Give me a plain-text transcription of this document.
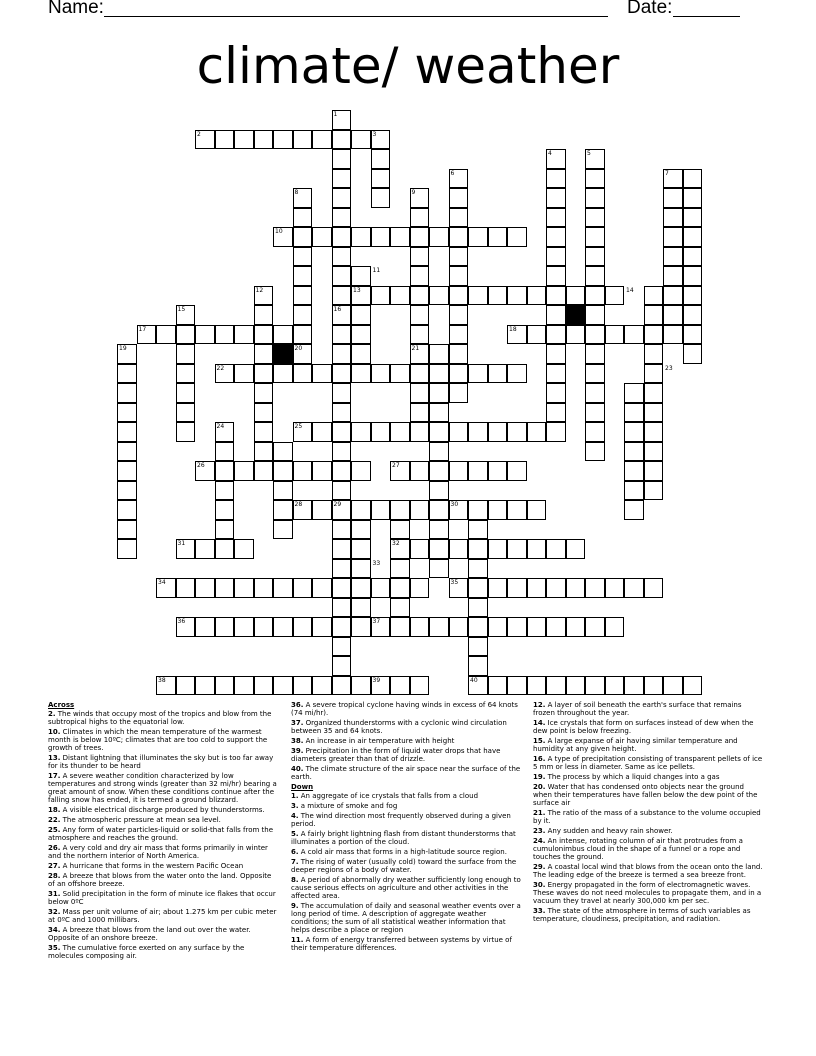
Name:	Date:
climate/ weather
1
2	3
4	5
6	7
8	9
10
11
12	13	14
15	16
17	18
19	20	21
22	23
24	25
26	27
28	29	30
31	32
33
34	35
36	37
38	39	40
Across
2. The winds that occupy most of the tropics and blow from the subtropical highs to the equatorial low.
10. Climates in which the mean temperature of the warmest month is below 10ºC; climates that are too cold to support the growth of trees.
13. Distant lightning that illuminates the sky but is too far away for its thunder to be heard
17. A severe weather condition characterized by low temperatures and strong winds (greater than 32 mi/hr) bearing a great amount of snow. When these conditions continue after the falling snow has ended, it is termed a ground blizzard.
18. A visible electrical discharge produced by thunderstorms.
22. The atmospheric pressure at mean sea level.
25. Any form of water particles-liquid or solid-that falls from the atmosphere and reaches the ground.
26. A very cold and dry air mass that forms primarily in winter and the northern interior of North America.
27. A hurricane that forms in the western Pacific Ocean
28. A breeze that blows from the water onto the land. Opposite of an offshore breeze.
31. Solid precipitation in the form of minute ice flakes that occur below 0ºC
32. Mass per unit volume of air; about 1.275 km per cubic meter at 0ºC and 1000 millibars.
34. A breeze that blows from the land out over the water. Opposite of an onshore breeze.
35. The cumulative force exerted on any surface by the molecules composing air.
36. A severe tropical cyclone having winds in excess of 64 knots (74 mi/hr).
37. Organized thunderstorms with a cyclonic wind circulation between 35 and 64 knots.
38. An increase in air temperature with height
39. Precipitation in the form of liquid water drops that have diameters greater than that of drizzle.
40. The climate structure of the air space near the surface of the earth.
Down
1. An aggregate of ice crystals that falls from a cloud
3. a mixture of smoke and fog
4. The wind direction most frequently observed during a given period.
5. A fairly bright lightning flash from distant thunderstorms that illuminates a portion of the cloud.
6. A cold air mass that forms in a high-latitude source region.
7. The rising of water (usually cold) toward the surface from the deeper regions of a body of water.
8. A period of abnormally dry weather sufficiently long enough to cause serious effects on agriculture and other activities in the affected area.
9. The accumulation of daily and seasonal weather events over a long period of time. A description of aggregate weather conditions; the sum of all statistical weather information that helps describe a place or region
11. A form of energy transferred between systems by virtue of their temperature differences.
12. A layer of soil beneath the earth's surface that remains frozen throughout the year.
14. Ice crystals that form on surfaces instead of dew when the dew point is below freezing.
15. A large expanse of air having similar temperature and humidity at any given height.
16. A type of precipitation consisting of transparent pellets of ice 5 mm or less in diameter. Same as ice pellets.
19. The process by which a liquid changes into a gas
20. Water that has condensed onto objects near the ground when their temperatures have fallen below the dew point of the surface air
21. The ratio of the mass of a substance to the volume occupied by it.
23. Any sudden and heavy rain shower.
24. An intense, rotating column of air that protrudes from a cumulonimbus cloud in the shape of a funnel or a rope and touches the ground.
29. A coastal local wind that blows from the ocean onto the land. The leading edge of the breeze is termed a sea breeze front.
30. Energy propagated in the form of electromagnetic waves. These waves do not need molecules to propagate them, and in a vacuum they travel at nearly 300,000 km per sec.
33. The state of the atmosphere in terms of such variables as temperature, cloudiness, precipitation, and radiation.
